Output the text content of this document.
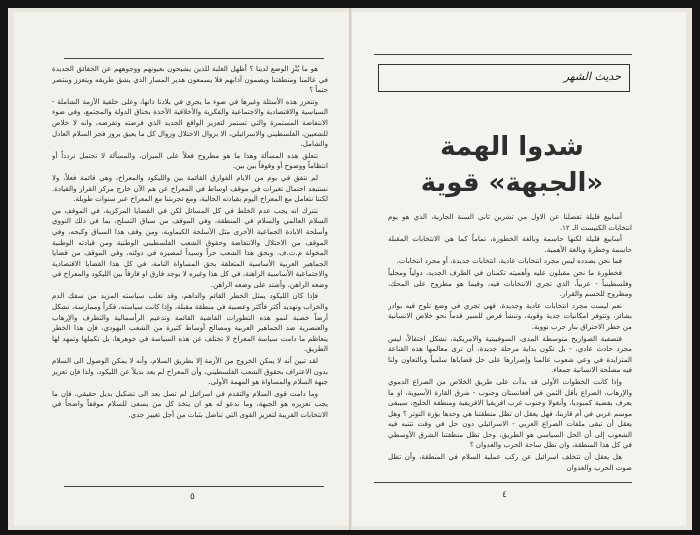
هو ما يُنْزِ الوضع لدينا ؟ أظهل الغلبة للذين يشيحون بعيونهم ووجوههم عن الحقائق الجديدة في عالمنا ومنطقتنا ويصمون آذانهم فلا يسمعون هدير المسار الذي يشق طريقه ويتعزز وينتصر حتماً ؟

وتتعزز هذه الأسئلة وغيرها في ضوء ما يجري في بلادنا ذاتها، وعلى خلفية الأزمة الشاملة - السياسية والاقتصادية والاجتماعية والفكرية والأخلاقية الآخذة بخناق الدولة والمجتمع، وفي ضوء الانتفاضة المستمرة والتي تستمر لتعزيز الواقع الجديد الذي فرضته وتفرضه، وانه لا خلاص للشعبين، الفلسطيني والاسرائيلي، الا بزوال الاحتلال وزوال كل ما يعيق بروز فجر السلام العادل والشامل.

تتعلق هذه المسألة وهذا ما هو مطروح فعلاً على الميزان، والمسألة لا تحتمل تردداً أو انتظاماً ووضوح أو وقوفاً بين بين.

لم نتفق في يوم من الايام الفوارق القائمة بين والليكود والمعراخ، وهي قائمة فعلاً، ولا نستبعد احتمال تغيرات في موقف اوساط في المعراخ عن هم الآن خارج مركز القرار والقيادة. لكننا نتعامل مع المعراخ اليوم بقيادته الحالية، ومع تجربتنا مع المعراخ عبر سنوات طويلة.

نتنرك انه يجب عدم الخلط في كل المسائل لكن في القضايا المركزية، في الموقف من السلام العالمي والسلام في المنطقة، وفي الموقف من سباق التسلح، بما في ذلك النووي وأسلحة الابادة الجماعية الأخرى مثل الأسلحة الكيماوية، ومن وقف هذا السباق وكبحه، وفي الموقف من الاحتلال والانتفاضة وحقوق الشعب الفلسطيني الوطنية ومن قيادته الوطنية المخولة م.ت.ف. وبحق هذا الشعب حراً وسيداً لمصيره في دولته، وفي الموقف من قضايا الجماهير العربية الأساسية المتعلقة بحق المساواة التامة، في كل هذا القضايا الاقتصادية والاجتماعية الأساسية الراهنة، في كل هذا وغيره لا يوجد فارق او فارقاً بين الليكود والمعراخ في وضعه الراهن، وأشتد على وضعه الراهن.

فإذا كان الليكود يمثل الخطر القائم والداهم، وقد تغلب سياسته المزيد من سفك الدم والخراب وتهديد أكثر فأكثر وعصبية في منطقة مقبلة، وإذا كانت سياسته، فكراً وممارسة، تشكل أرضاً خصبة لنمو هذه التطورات الفاشية القائمة وتدعيم الرأسمالية والتطرف والإرهاب والعنصرية ضد الجماهير العربية ومصالح أوساط كثيرة من الشعب اليهودي، فإن هذا الخطر يتعاظم ما دامت سياسة المعراخ لا تختلف عن هذه السياسة في جوهرها، بل تكملها وتمهد لها الطريق.

لقد تبين أنه لا يمكن الخروج من الأزمة إلا بطريق السلام، وأنه لا يمكن الوصول الى السلام بدون الاعتراف بحقوق الشعب الفلسطيني، وأن المعراخ لم يعد بديلاً عن الليكود، ولذا فإن تعزيز جبهة السلام والمساواة هو المهمة الأولى.

وما دامت قوى السلام والتقدم في اسرائيل لم تصل بعد الى تشكيل بديل حقيقي، فإن ما يجب تعزيزه هو الجبهة، وما ندعو له هو ان يتخذ كل من يسعى للسلام موقفاً واضحاً في الانتخابات القريبة لتعزيز القوى التي تناضل بثبات من أجل تغيير جدي.

٥
حديث الشهر
شدوا الهمة
«الجبهة» قوية

أسابيع قليلة تفصلنا عن الاول من تشرين ثاني السنة الجارية، الذي هو يوم انتخابات الكنيست الـ ١٢.

أسابيع قليلة لكنها حاسمة وبالغة الخطورة، تماماً كما هي الانتخابات المقبلة حاسمة وخطرة وبالغة الأهمية.

فما نحن بصدده ليس مجرد انتخابات عادية، انتخابات جديدة، أو مجرد انتخابات.

فخطورة ما نحن مقبلون عليه وأهميته تكمنان في الظرف الجديد، دولياً ومحلياً وفلسطينياً - عربياً، الذي تجري الانتخابات فيه، وفيما هو مطروح على المحك، ومطروح للحسم والقرار.

نعم ليست مجرد انتخابات عادية وجديدة. فهي تجري في وضع تلوح فيه بوادر بشائر، وتتوفر امكانيات جدية وقوية، وتنشأ فرص للسير قدماً نحو خلاص الانسانية من خطر الاحتراق بنار حرب نووية.

فتصفية الصواريخ متوسطة المدى، السوفييتية والامريكية، تشكل احتفالاً، ليس مجرد حادث عادي، - بل تكون بداية مرحلة جديدة، أن ترى معالمها هذه القناعة المتزايدة في وعي شعوب عالمنا وإصرارها على حل قضاياها سلمياً وبالتعاون ولنا فيه مصلحة الانسانية جمعاء.

وإذا كانت الخطوات الأولى قد بدأت على طريق الخلاص من الصراع الدموي والإرهاب، الصراع بأقل الثمن في أفغانستان وجنوب - شرق القارة الأسيوية، او ما يعرف بقضية كمبوديا، وأنغولا وجنوب غرب افريقيا الافريقية ومنطقة الخليج، سيبقى موسم عربي في أم قاربنا، فهل يعقل ان تظل منطقتنا هي وحدها بؤرة التوتر ؟ وهل يعقل أن تبقى ملفات الصراع العربي - الاسرائيلي دون حل في وقت تتنبه فيه الشعوب إلى أن الحل السياسي هو الطريق، وحل تظل منطقتنا الشرق الأوسطي في كل هذا المنطقة، وان تظل ساحة الحرب والعدوان ؟

هل يعقل أن تتخلف اسرائيل عن ركب عملية السلام في المنطقة، وأن تظل صوت الحرب والعدوان

٤
